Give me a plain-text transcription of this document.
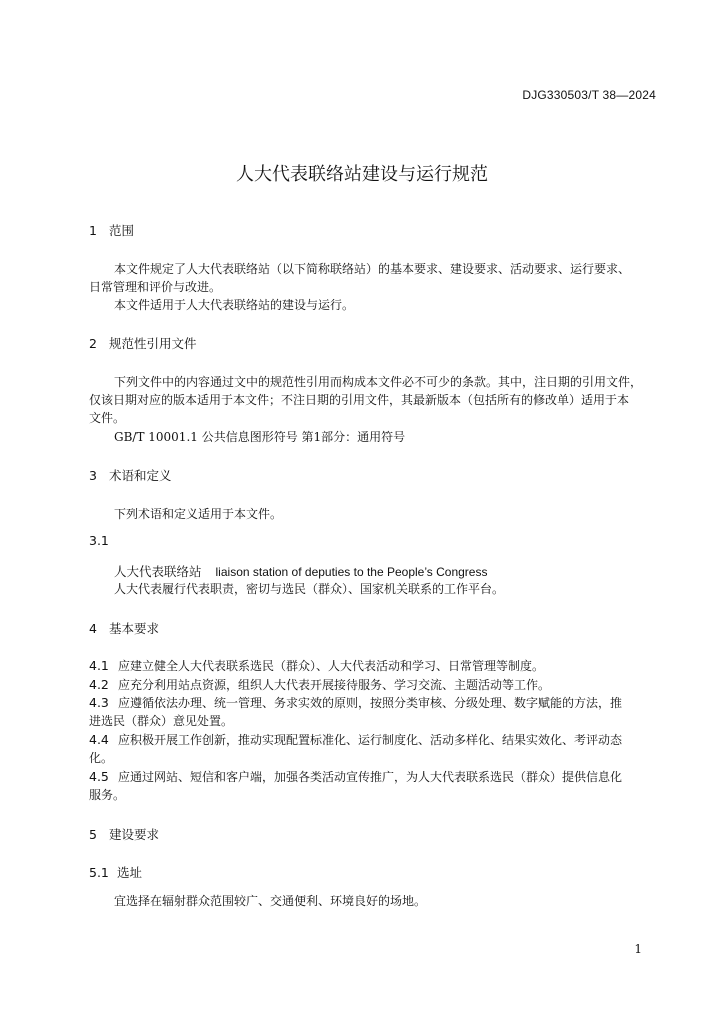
DJG330503/T 38—2024
人大代表联络站建设与运行规范
1 范围
本文件规定了人大代表联络站（以下简称联络站）的基本要求、建设要求、活动要求、运行要求、
日常管理和评价与改进。
本文件适用于人大代表联络站的建设与运行。
2 规范性引用文件
下列文件中的内容通过文中的规范性引用而构成本文件必不可少的条款。其中，注日期的引用文件，
仅该日期对应的版本适用于本文件；不注日期的引用文件，其最新版本（包括所有的修改单）适用于本
文件。
GB/T 10001.1 公共信息图形符号 第1部分：通用符号
3 术语和定义
下列术语和定义适用于本文件。
3.1
人大代表联络站 liaison station of deputies to the People’s Congress
人大代表履行代表职责，密切与选民（群众）、国家机关联系的工作平台。
4 基本要求
4.1 应建立健全人大代表联系选民（群众）、人大代表活动和学习、日常管理等制度。
4.2 应充分利用站点资源，组织人大代表开展接待服务、学习交流、主题活动等工作。
4.3 应遵循依法办理、统一管理、务求实效的原则，按照分类审核、分级处理、数字赋能的方法，推
进选民（群众）意见处置。
4.4 应积极开展工作创新，推动实现配置标准化、运行制度化、活动多样化、结果实效化、考评动态
化。
4.5 应通过网站、短信和客户端，加强各类活动宣传推广，为人大代表联系选民（群众）提供信息化
服务。
5 建设要求
5.1 选址
宜选择在辐射群众范围较广、交通便利、环境良好的场地。
1
